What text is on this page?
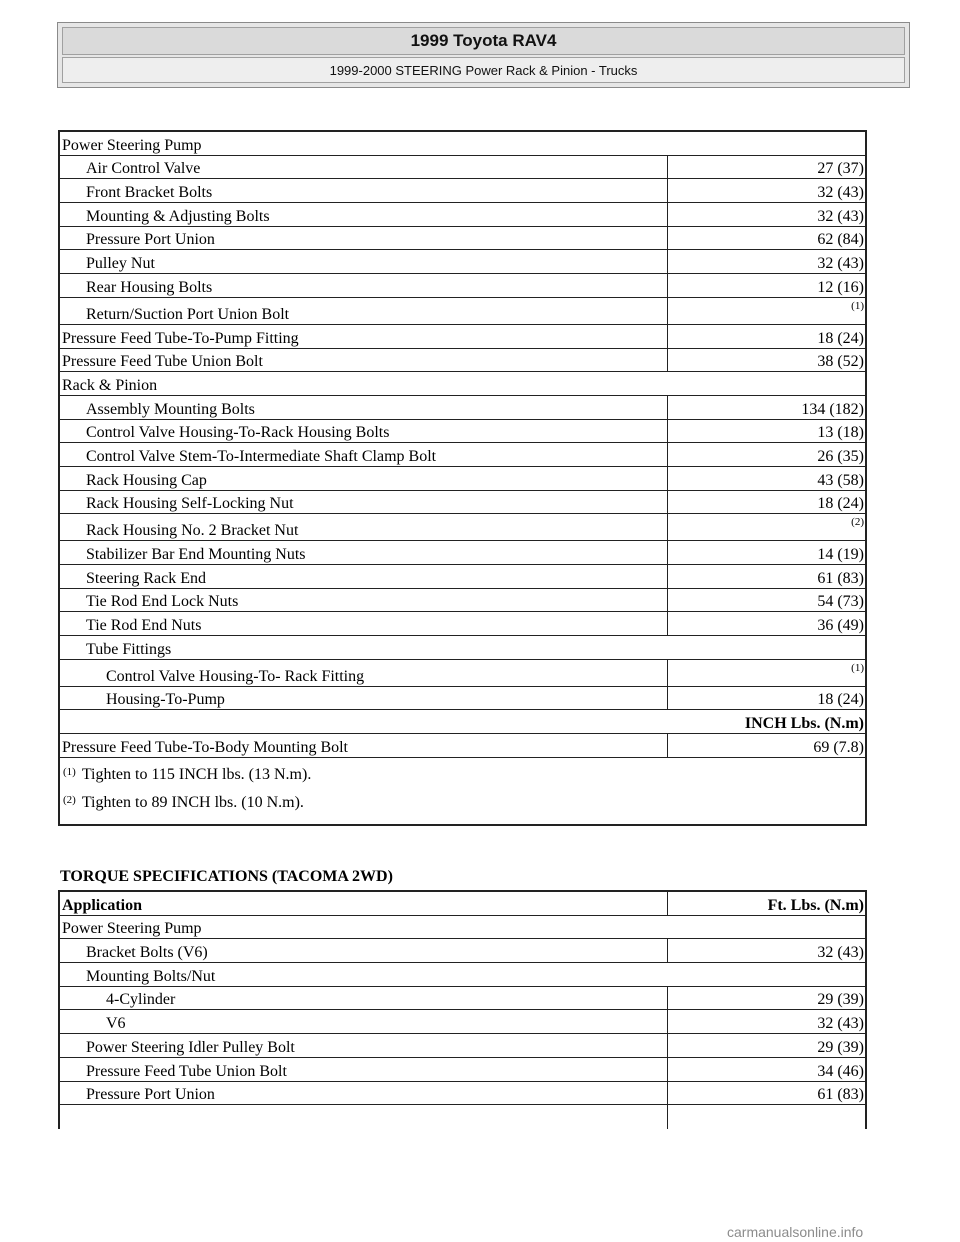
1999 Toyota RAV4
1999-2000 STEERING Power Rack & Pinion - Trucks
Power Steering Pump
Air Control Valve	27 (37)
Front Bracket Bolts	32 (43)
Mounting & Adjusting Bolts	32 (43)
Pressure Port Union	62 (84)
Pulley Nut	32 (43)
Rear Housing Bolts	12 (16)
Return/Suction Port Union Bolt	(1)
Pressure Feed Tube-To-Pump Fitting	18 (24)
Pressure Feed Tube Union Bolt	38 (52)
Rack & Pinion
Assembly Mounting Bolts	134 (182)
Control Valve Housing-To-Rack Housing Bolts	13 (18)
Control Valve Stem-To-Intermediate Shaft Clamp Bolt	26 (35)
Rack Housing Cap	43 (58)
Rack Housing Self-Locking Nut	18 (24)
Rack Housing No. 2 Bracket Nut	(2)
Stabilizer Bar End Mounting Nuts	14 (19)
Steering Rack End	61 (83)
Tie Rod End Lock Nuts	54 (73)
Tie Rod End Nuts	36 (49)
Tube Fittings
Control Valve Housing-To- Rack Fitting	(1)
Housing-To-Pump	18 (24)
INCH Lbs. (N.m)
Pressure Feed Tube-To-Body Mounting Bolt	69 (7.8)
$^{(1)}$ Tighten to 115 INCH lbs. (13 N.m).
$^{(2)}$ Tighten to 89 INCH lbs. (10 N.m).
TORQUE SPECIFICATIONS (TACOMA 2WD)
Application	Ft. Lbs. (N.m)
Power Steering Pump
Bracket Bolts (V6)	32 (43)
Mounting Bolts/Nut
4-Cylinder	29 (39)
V6	32 (43)
Power Steering Idler Pulley Bolt	29 (39)
Pressure Feed Tube Union Bolt	34 (46)
Pressure Port Union	61 (83)
carmanualsonline.info
